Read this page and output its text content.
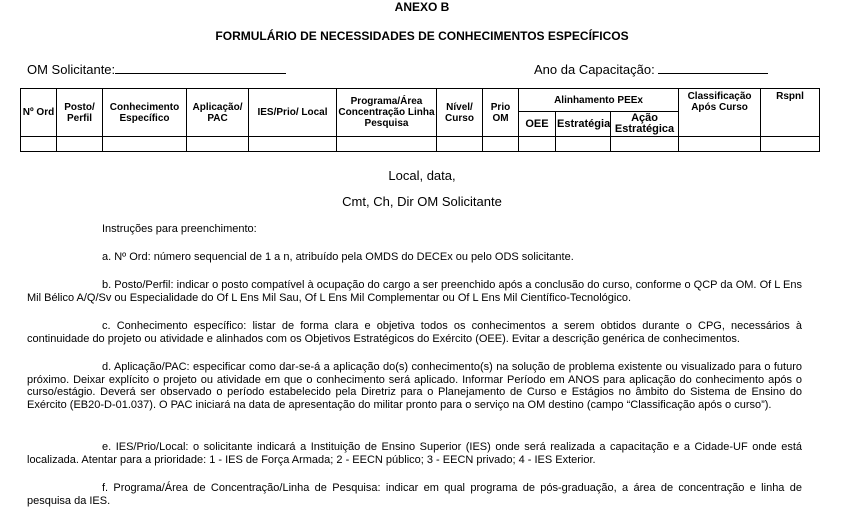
ANEXO B
FORMULÁRIO DE NECESSIDADES DE CONHECIMENTOS ESPECÍFICOS
OM Solicitante:	Ano da Capacitação:
Nº Ord	Posto/ Perfil	Conhecimento Específico	Aplicação/ PAC	IES/Prio/ Local	Programa/Área Concentração Linha Pesquisa	Nível/ Curso	Prio OM	Alinhamento PEEx			Classificação Após Curso	Rspnl
								OEE	Estratégia	Ação Estratégica		

Local, data,
Cmt, Ch, Dir OM Solicitante
Instruções para preenchimento:
a. Nº Ord: número sequencial de 1 a n, atribuído pela OMDS do DECEx ou pelo ODS solicitante.
b. Posto/Perfil: indicar o posto compatível à ocupação do cargo a ser preenchido após a conclusão do curso, conforme o QCP da OM. Of L Ens Mil Bélico A/Q/Sv ou Especialidade do Of L Ens Mil Sau, Of L Ens Mil Complementar ou Of L Ens Mil Científico-Tecnológico.
c. Conhecimento específico: listar de forma clara e objetiva todos os conhecimentos a serem obtidos durante o CPG, necessários à continuidade do projeto ou atividade e alinhados com os Objetivos Estratégicos do Exército (OEE). Evitar a descrição genérica de conhecimentos.
d. Aplicação/PAC: especificar como dar-se-á a aplicação do(s) conhecimento(s) na solução de problema existente ou visualizado para o futuro próximo. Deixar explícito o projeto ou atividade em que o conhecimento será aplicado. Informar Período em ANOS para aplicação do conhecimento após o curso/estágio. Deverá ser observado o período estabelecido pela Diretriz para o Planejamento de Curso e Estágios no âmbito do Sistema de Ensino do Exército (EB20-D-01.037). O PAC iniciará na data de apresentação do militar pronto para o serviço na OM destino (campo “Classificação após o curso”).
e. IES/Prio/Local: o solicitante indicará a Instituição de Ensino Superior (IES) onde será realizada a capacitação e a Cidade-UF onde está localizada. Atentar para a prioridade: 1 - IES de Força Armada; 2 - EECN público; 3 - EECN privado; 4 - IES Exterior.
f. Programa/Área de Concentração/Linha de Pesquisa: indicar em qual programa de pós-graduação, a área de concentração e linha de pesquisa da IES.
